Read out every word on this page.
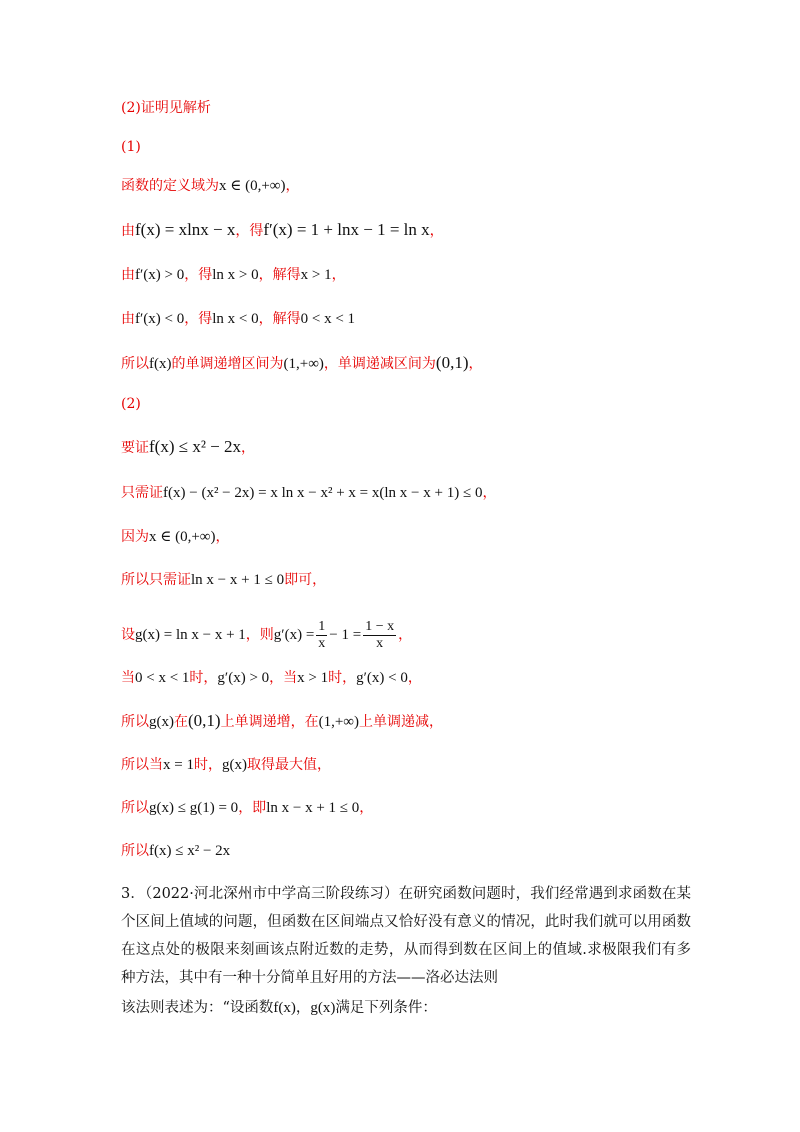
(2)证明见解析
(1)
函数的定义域为x ∈ (0,+∞)，
由f(x) = xlnx − x，得f′(x) = 1 + lnx − 1 = ln x，
由f′(x) > 0，得ln x > 0，解得x > 1，
由f′(x) < 0，得ln x < 0，解得0 < x < 1
所以f(x)的单调递增区间为(1,+∞)，单调递减区间为(0,1)，
(2)
要证f(x) ≤ x² − 2x，
只需证f(x) − (x² − 2x) = x ln x − x² + x = x(ln x − x + 1) ≤ 0，
因为x ∈ (0,+∞)，
所以只需证ln x − x + 1 ≤ 0即可，
设g(x) = ln x − x + 1，则$g'(x) = \frac{1}{x} - 1 = \frac{1 - x}{x}$ ，
当0 < x < 1时，g′(x) > 0，当x > 1时，g′(x) < 0，
所以g(x)在(0,1)上单调递增，在(1,+∞)上单调递减，
所以当x = 1时，g(x)取得最大值，
所以g(x) ≤ g(1) = 0，即ln x − x + 1 ≤ 0，
所以f(x) ≤ x² − 2x
3．（2022·河北深州市中学高三阶段练习）在研究函数问题时，我们经常遇到求函数在某个区间上值域的问题，但函数在区间端点又恰好没有意义的情况，此时我们就可以用函数在这点处的极限来刻画该点附近数的走势，从而得到数在区间上的值域.求极限我们有多种方法，其中有一种十分简单且好用的方法——洛必达法则
该法则表述为：“设函数f(x)，g(x)满足下列条件：
